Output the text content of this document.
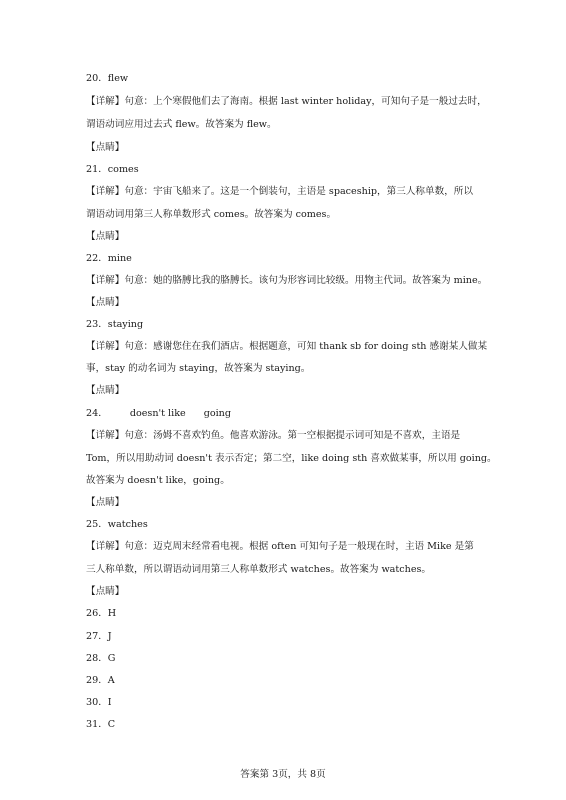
20．flew
【详解】句意：上个寒假他们去了海南。根据 last winter holiday，可知句子是一般过去时，
谓语动词应用过去式 flew。故答案为 flew。
【点睛】
21．comes
【详解】句意：宇宙飞船来了。这是一个倒装句，主语是 spaceship，第三人称单数，所以
谓语动词用第三人称单数形式 comes。故答案为 comes。
【点睛】
22．mine
【详解】句意：她的胳膊比我的胳膊长。该句为形容词比较级。用物主代词。故答案为 mine。
【点睛】
23．staying
【详解】句意：感谢您住在我们酒店。根据题意，可知 thank sb for doing sth 感谢某人做某
事，stay 的动名词为 staying，故答案为 staying。
【点睛】
24． doesn't like going
【详解】句意：汤姆不喜欢钓鱼。他喜欢游泳。第一空根据提示词可知是不喜欢，主语是
Tom，所以用助动词 doesn't 表示否定；第二空，like doing sth 喜欢做某事，所以用 going。
故答案为 doesn't like，going。
【点睛】
25．watches
【详解】句意：迈克周末经常看电视。根据 often 可知句子是一般现在时，主语 Mike 是第
三人称单数，所以谓语动词用第三人称单数形式 watches。故答案为 watches。
【点睛】
26．H
27．J
28．G
29．A
30．I
31．C
答案第 3页，共 8页
